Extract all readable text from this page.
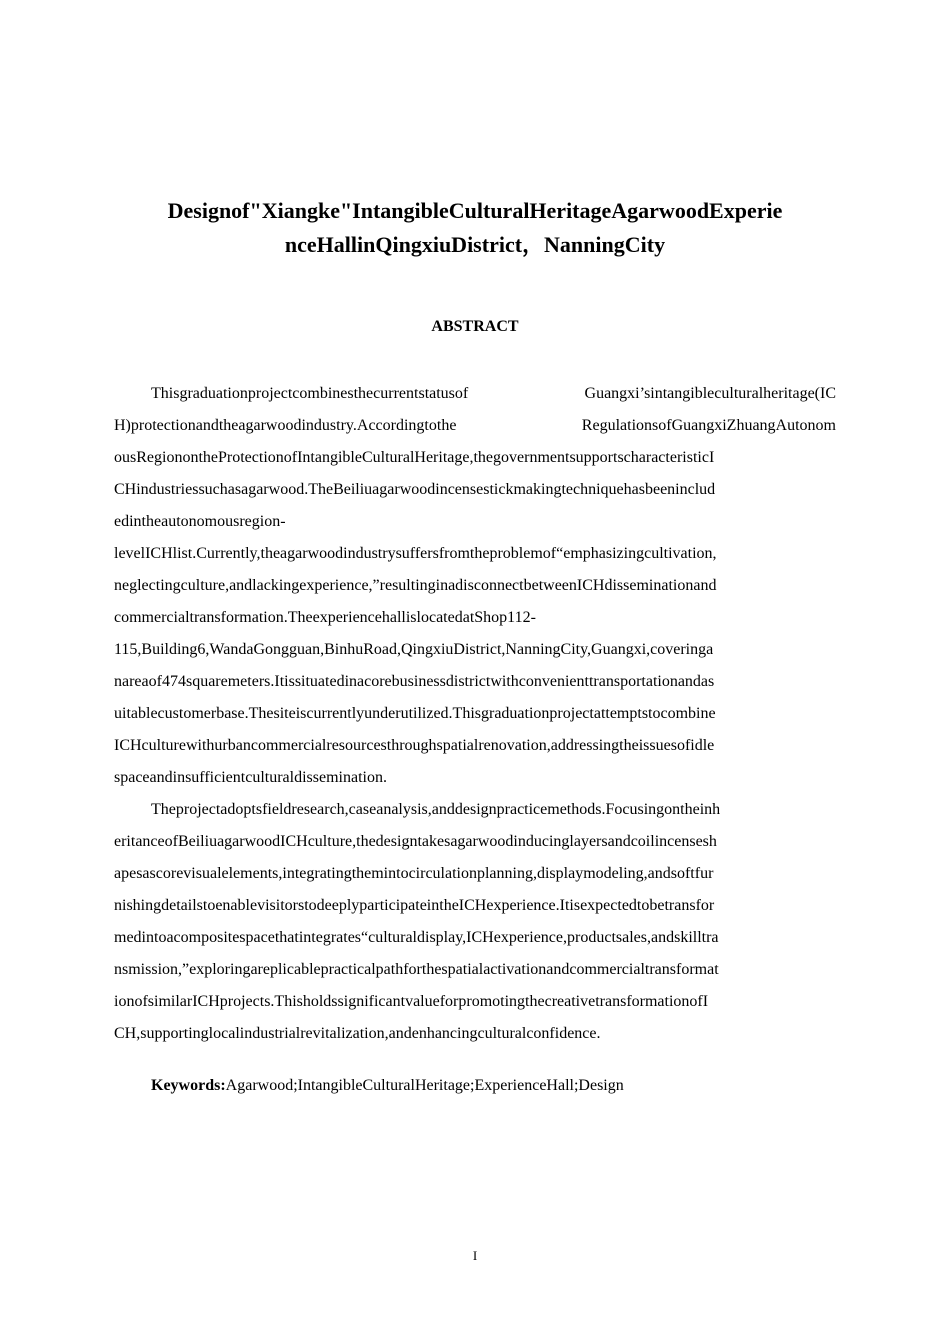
Designof"Xiangke"IntangibleCulturalHeritageAgarwoodExperie
nceHallinQingxiuDistrict，NanningCity
ABSTRACT
Thisgraduationprojectcombinesthecurrentstatusof Guangxi’sintangibleculturalheritage(IC
H)protectionandtheagarwoodindustry.Accordingtothe RegulationsofGuangxiZhuangAutonom
ousRegionontheProtectionofIntangibleCulturalHeritage,thegovernmentsupportscharacteristicI
CHindustriessuchasagarwood.TheBeiliuagarwoodincensestickmakingtechniquehasbeeninclud
edintheautonomousregion-
levelICHlist.Currently,theagarwoodindustrysuffersfromtheproblemof“emphasizingcultivation,
neglectingculture,andlackingexperience,”resultinginadisconnectbetweenICHdisseminationand
commercialtransformation.TheexperiencehallislocatedatShop112-
115,Building6,WandaGongguan,BinhuRoad,QingxiuDistrict,NanningCity,Guangxi,coveringa
nareaof474squaremeters.Itissituatedinacorebusinessdistrictwithconvenienttransportationandas
uitablecustomerbase.Thesiteiscurrentlyunderutilized.Thisgraduationprojectattemptstocombine
ICHculturewithurbancommercialresourcesthroughspatialrenovation,addressingtheissuesofidle
spaceandinsufficientculturaldissemination.
Theprojectadoptsfieldresearch,caseanalysis,anddesignpracticemethods.Focusingontheinh
eritanceofBeiliuagarwoodICHculture,thedesigntakesagarwoodinducinglayersandcoilincensesh
apesascorevisualelements,integratingthemintocirculationplanning,displaymodeling,andsoftfur
nishingdetailstoenablevisitorstodeeplyparticipateintheICHexperience.Itisexpectedtobetransfor
medintoacompositespacethatintegrates“culturaldisplay,ICHexperience,productsales,andskilltra
nsmission,”exploringareplicablepracticalpathforthespatialactivationandcommercialtransformat
ionofsimilarICHprojects.ThisholdssignificantvalueforpromotingthecreativetransformationofI
CH,supportinglocalindustrialrevitalization,andenhancingculturalconfidence.
Keywords:Agarwood;IntangibleCulturalHeritage;ExperienceHall;Design
I
